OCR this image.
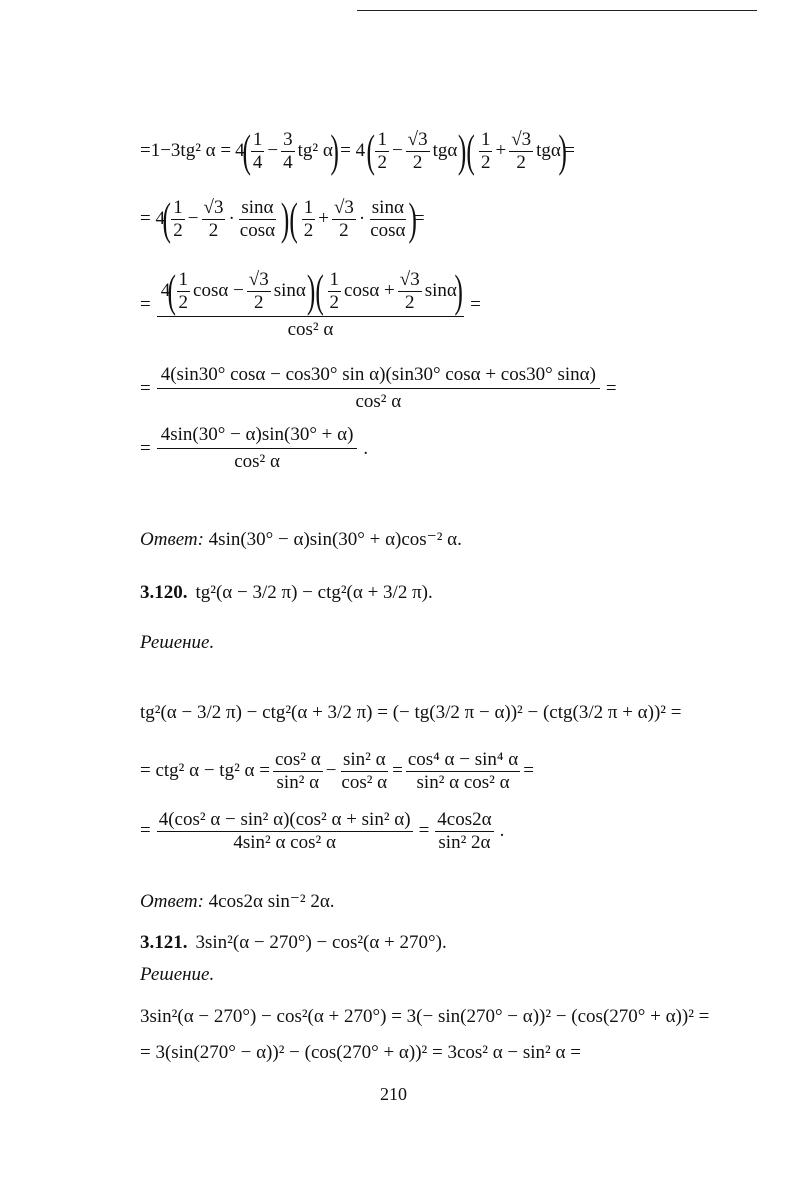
=1−3tg² α = 4
( $\frac{1}{4} - \frac{3}{4} tg^2$ α
) = 4 ( $\frac{1}{2} - \frac{√3}{2}$ tgα )( $\frac{1}{2} + \frac{√3}{2}$ tgα
)
=
= 4
( $\frac{1}{2} - \frac{√3}{2} \cdot \frac{\sin\alpha}{\cos\alpha}$ )( $\frac{1}{2} + \frac{√3}{2} \cdot \frac{\sin\alpha}{\cos\alpha}$ )
=
=
4
( $\frac{1}{2}$ $\cos\alpha - \frac{√3}{2}$ sinα )( $\frac{1}{2}$ $\cos\alpha + \frac{√3}{2}$ sinα
)
cos² α
=
= $\frac{\text{4(sin30° cosα − cos30° sin α)(sin30° cosα + cos30° sinα)}}{\text{cos² α}}$ =
= $\frac{4\sin(30^\circ - \alpha)\sin(30^\circ + \alpha)}{\text{cos² α}}$ .
Ответ: 4sin(30° − α)sin(30° + α)cos⁻² α.
3.120. tg²(α − 3/2 π) − ctg²(α + 3/2 π).
Решение.
tg²(α − 3/2 π) − ctg²(α + 3/2 π) = (− tg(3/2 π − α))² − (ctg(3/2 π + α))² =
= ctg² α − tg² $\alpha = \frac{\text{cos² α}}{\text{sin² α}} - \frac{\text{sin² α}}{\text{cos² α}} = \frac{\text{cos⁴ α − sin⁴ α}}{\text{sin² α cos² α}}$ =
= $\frac{\text{4(cos² α − sin² α)(cos² α + sin² α)}}{\text{4sin² α cos² α}} = \frac{4\cos 2\alpha}{\text{sin² 2α}}$ .
Ответ: 4cos2α sin⁻² 2α.
3.121. 3sin²(α − 270°) − cos²(α + 270°).
Решение.
3sin²(α − 270°) − cos²(α + 270°) = 3(− sin(270° − α))² − (cos(270° + α))² =
= 3(sin(270° − α))² − (cos(270° + α))² = 3cos² α − sin² α =
210
